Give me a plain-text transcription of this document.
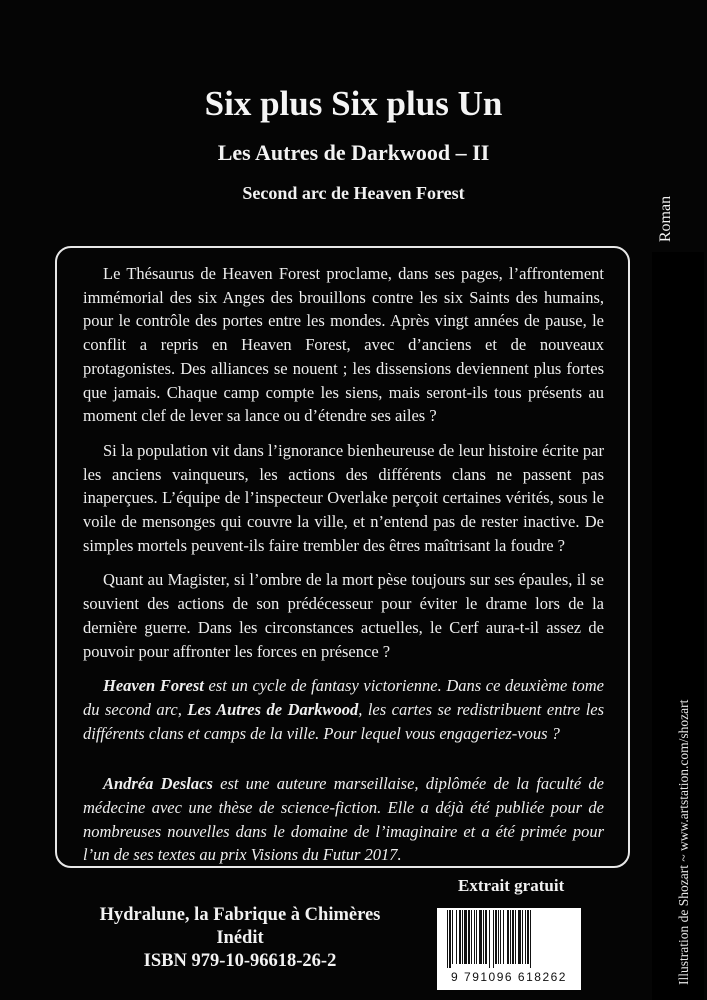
Six plus Six plus Un
Les Autres de Darkwood – II
Second arc de Heaven Forest
Roman
Illustration de Shozart ~ www.artstation.com/shozart

Le Thésaurus de Heaven Forest proclame, dans ses pages, l’affrontement immémorial des six Anges des brouillons contre les six Saints des humains, pour le contrôle des portes entre les mondes. Après vingt années de pause, le conflit a repris en Heaven Forest, avec d’anciens et de nouveaux protagonistes. Des alliances se nouent ; les dissensions deviennent plus fortes que jamais. Chaque camp compte les siens, mais seront-ils tous présents au moment clef de lever sa lance ou d’étendre ses ailes ?

Si la population vit dans l’ignorance bienheureuse de leur histoire écrite par les anciens vainqueurs, les actions des différents clans ne passent pas inaperçues. L’équipe de l’inspecteur Overlake perçoit certaines vérités, sous le voile de mensonges qui couvre la ville, et n’entend pas de rester inactive. De simples mortels peuvent-ils faire trembler des êtres maîtrisant la foudre ?

Quant au Magister, si l’ombre de la mort pèse toujours sur ses épaules, il se souvient des actions de son prédécesseur pour éviter le drame lors de la dernière guerre. Dans les circonstances actuelles, le Cerf aura-t-il assez de pouvoir pour affronter les forces en présence ?

Heaven Forest est un cycle de fantasy victorienne. Dans ce deuxième tome du second arc, Les Autres de Darkwood, les cartes se redistribuent entre les différents clans et camps de la ville. Pour lequel vous engageriez-vous ?

Andréa Deslacs est une auteure marseillaise, diplômée de la faculté de médecine avec une thèse de science-fiction. Elle a déjà été publiée pour de nombreuses nouvelles dans le domaine de l’imaginaire et a été primée pour l’un de ses textes au prix Visions du Futur 2017.

Extrait gratuit
9 791096 618262
Hydralune, la Fabrique à Chimères
Inédit
ISBN 979-10-96618-26-2
